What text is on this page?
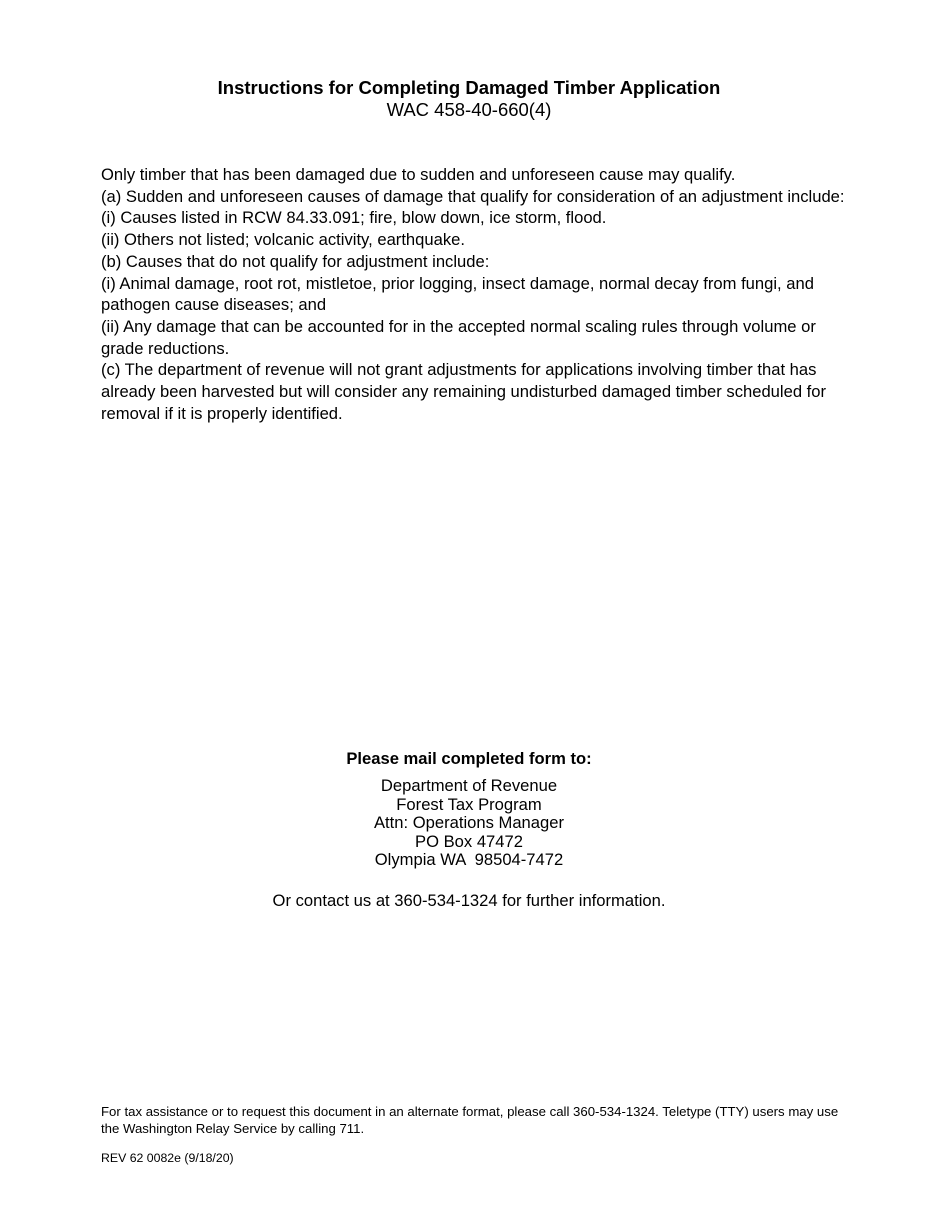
Instructions for Completing Damaged Timber Application
WAC 458-40-660(4)

Only timber that has been damaged due to sudden and unforeseen cause may qualify.

(a) Sudden and unforeseen causes of damage that qualify for consideration of an adjustment include:

(i) Causes listed in RCW 84.33.091; fire, blow down, ice storm, flood.

(ii) Others not listed; volcanic activity, earthquake.

(b) Causes that do not qualify for adjustment include:

(i) Animal damage, root rot, mistletoe, prior logging, insect damage, normal decay from fungi, and pathogen cause diseases; and

(ii) Any damage that can be accounted for in the accepted normal scaling rules through volume or grade reductions.

(c) The department of revenue will not grant adjustments for applications involving timber that has already been harvested but will consider any remaining undisturbed damaged timber scheduled for removal if it is properly identified.

Please mail completed form to:
Department of Revenue
Forest Tax Program
Attn: Operations Manager
PO Box 47472
Olympia WA  98504-7472
Or contact us at 360-534-1324 for further information.
For tax assistance or to request this document in an alternate format, please call 360-534-1324. Teletype (TTY) users may use the Washington Relay Service by calling 711.
REV 62 0082e (9/18/20)
